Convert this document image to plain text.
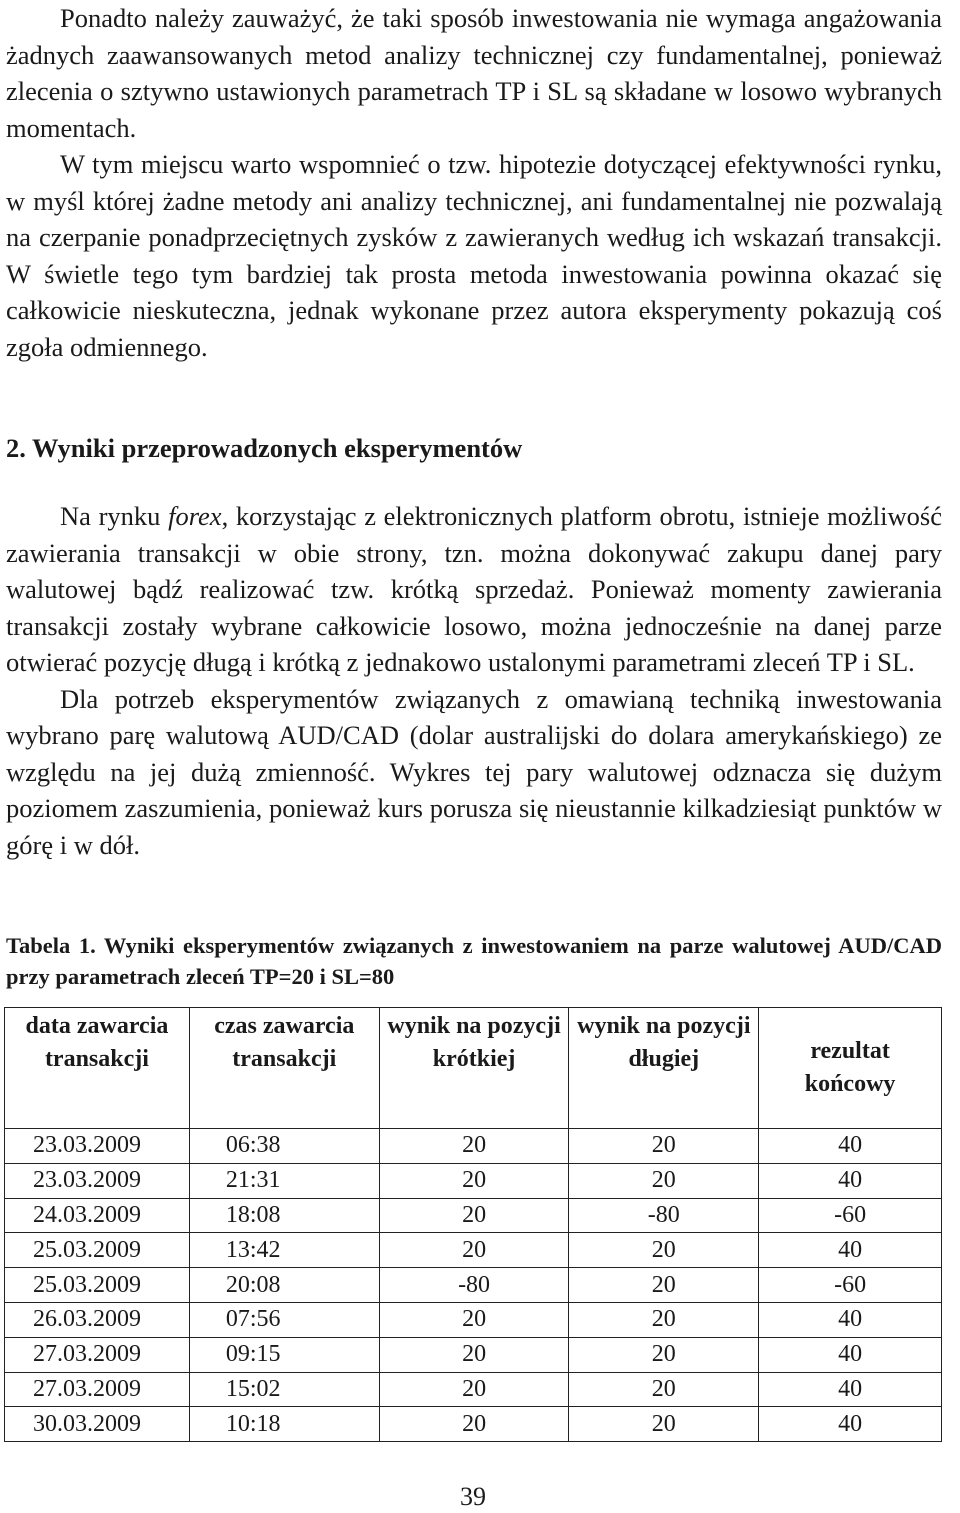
Ponadto należy zauważyć, że taki sposób inwestowania nie wymaga angażowania żadnych zaawansowanych metod analizy technicznej czy fundamentalnej, ponieważ zlecenia o sztywno ustawionych parametrach TP i SL są składane w losowo wybranych momentach.
W tym miejscu warto wspomnieć o tzw. hipotezie dotyczącej efektywności rynku, w myśl której żadne metody ani analizy technicznej, ani fundamentalnej nie pozwalają na czerpanie ponadprzeciętnych zysków z zawieranych według ich wskazań transakcji. W świetle tego tym bardziej tak prosta metoda inwestowania powinna okazać się całkowicie nieskuteczna, jednak wykonane przez autora eksperymenty pokazują coś zgoła odmiennego.

2. Wyniki przeprowadzonych eksperymentów

Na rynku forex, korzystając z elektronicznych platform obrotu, istnieje możliwość zawierania transakcji w obie strony, tzn. można dokonywać zakupu danej pary walutowej bądź realizować tzw. krótką sprzedaż. Ponieważ momenty zawierania transakcji zostały wybrane całkowicie losowo, można jednocześnie na danej parze otwierać pozycję długą i krótką z jednakowo ustalonymi parametrami zleceń TP i SL.
Dla potrzeb eksperymentów związanych z omawianą techniką inwestowania wybrano parę walutową AUD/CAD (dolar australijski do dolara amerykańskiego) ze względu na jej dużą zmienność. Wykres tej pary walutowej odznacza się dużym poziomem zaszumienia, ponieważ kurs porusza się nieustannie kilkadziesiąt punktów w górę i w dół.

Tabela 1. Wyniki eksperymentów związanych z inwestowaniem na parze walutowej AUD/CAD przy parametrach zleceń TP=20 i SL=80

data zawarcia transakcji	czas zawarcia transakcji	wynik na pozycji krótkiej	wynik na pozycji długiej	rezultat końcowy
23.03.2009	06:38	20	20	40
23.03.2009	21:31	20	20	40
24.03.2009	18:08	20	-80	-60
25.03.2009	13:42	20	20	40
25.03.2009	20:08	-80	20	-60
26.03.2009	07:56	20	20	40
27.03.2009	09:15	20	20	40
27.03.2009	15:02	20	20	40
30.03.2009	10:18	20	20	40
39
